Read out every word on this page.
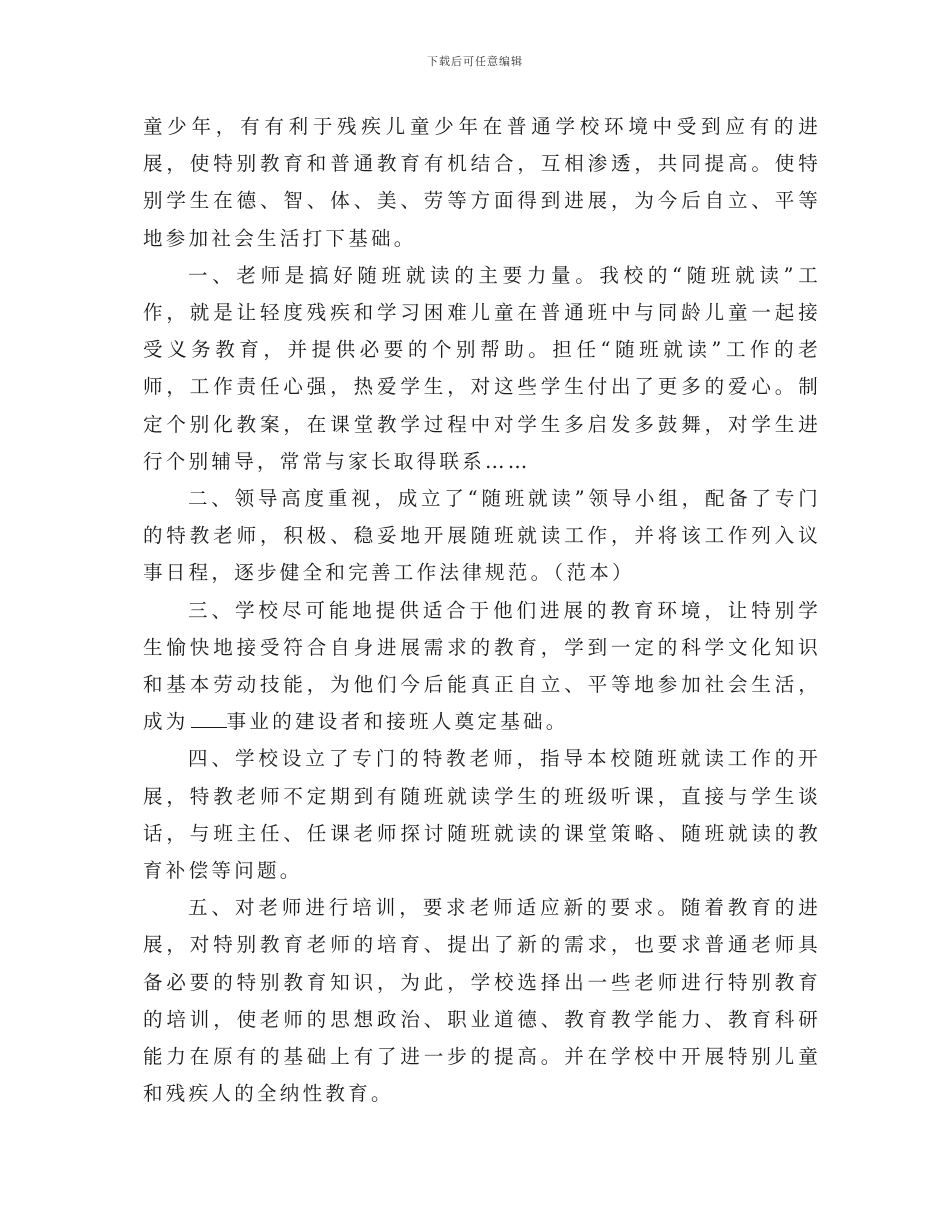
下载后可任意编辑

童少年，有有利于残疾儿童少年在普通学校环境中受到应有的进展，使特别教育和普通教育有机结合，互相渗透，共同提高。使特别学生在德、智、体、美、劳等方面得到进展，为今后自立、平等地参加社会生活打下基础。

一、老师是搞好随班就读的主要力量。我校的“随班就读”工作，就是让轻度残疾和学习困难儿童在普通班中与同龄儿童一起接受义务教育，并提供必要的个别帮助。担任“随班就读”工作的老师，工作责任心强，热爱学生，对这些学生付出了更多的爱心。制定个别化教案，在课堂教学过程中对学生多启发多鼓舞，对学生进行个别辅导，常常与家长取得联系……

二、领导高度重视，成立了“随班就读”领导小组，配备了专门的特教老师，积极、稳妥地开展随班就读工作，并将该工作列入议事日程，逐步健全和完善工作法律规范。（范本）

三、学校尽可能地提供适合于他们进展的教育环境，让特别学生愉快地接受符合自身进展需求的教育，学到一定的科学文化知识和基本劳动技能，为他们今后能真正自立、平等地参加社会生活，成为 事业的建设者和接班人奠定基础。

四、学校设立了专门的特教老师，指导本校随班就读工作的开展，特教老师不定期到有随班就读学生的班级听课，直接与学生谈话，与班主任、任课老师探讨随班就读的课堂策略、随班就读的教育补偿等问题。

五、对老师进行培训，要求老师适应新的要求。随着教育的进展，对特别教育老师的培育、提出了新的需求，也要求普通老师具备必要的特别教育知识，为此，学校选择出一些老师进行特别教育的培训，使老师的思想政治、职业道德、教育教学能力、教育科研能力在原有的基础上有了进一步的提高。并在学校中开展特别儿童和残疾人的全纳性教育。
